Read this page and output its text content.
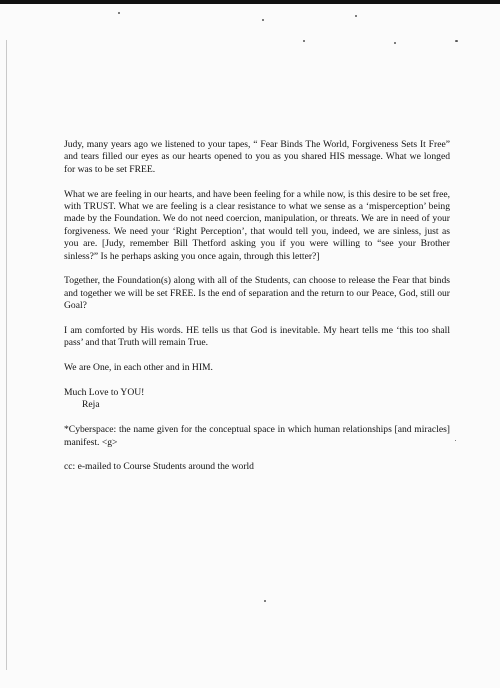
Judy, many years ago we listened to your tapes, “ Fear Binds The World, Forgiveness Sets It Free” and tears filled our eyes as our hearts opened to you as you shared HIS message. What we longed for was to be set FREE.

What we are feeling in our hearts, and have been feeling for a while now, is this desire to be set free, with TRUST. What we are feeling is a clear resistance to what we sense as a ‘misperception’ being made by the Foundation. We do not need coercion, manipulation, or threats. We are in need of your forgiveness. We need your ‘Right Perception’, that would tell you, indeed, we are sinless, just as you are. [Judy, remember Bill Thetford asking you if you were willing to “see your Brother sinless?” Is he perhaps asking you once again, through this letter?]

Together, the Foundation(s) along with all of the Students, can choose to release the Fear that binds and together we will be set FREE. Is the end of separation and the return to our Peace, God, still our Goal?

I am comforted by His words. HE tells us that God is inevitable. My heart tells me ‘this too shall pass’ and that Truth will remain True.

We are One, in each other and in HIM.

Much Love to YOU!

Reja

*Cyberspace: the name given for the conceptual space in which human relationships [and miracles] manifest. <g>

cc: e-mailed to Course Students around the world
